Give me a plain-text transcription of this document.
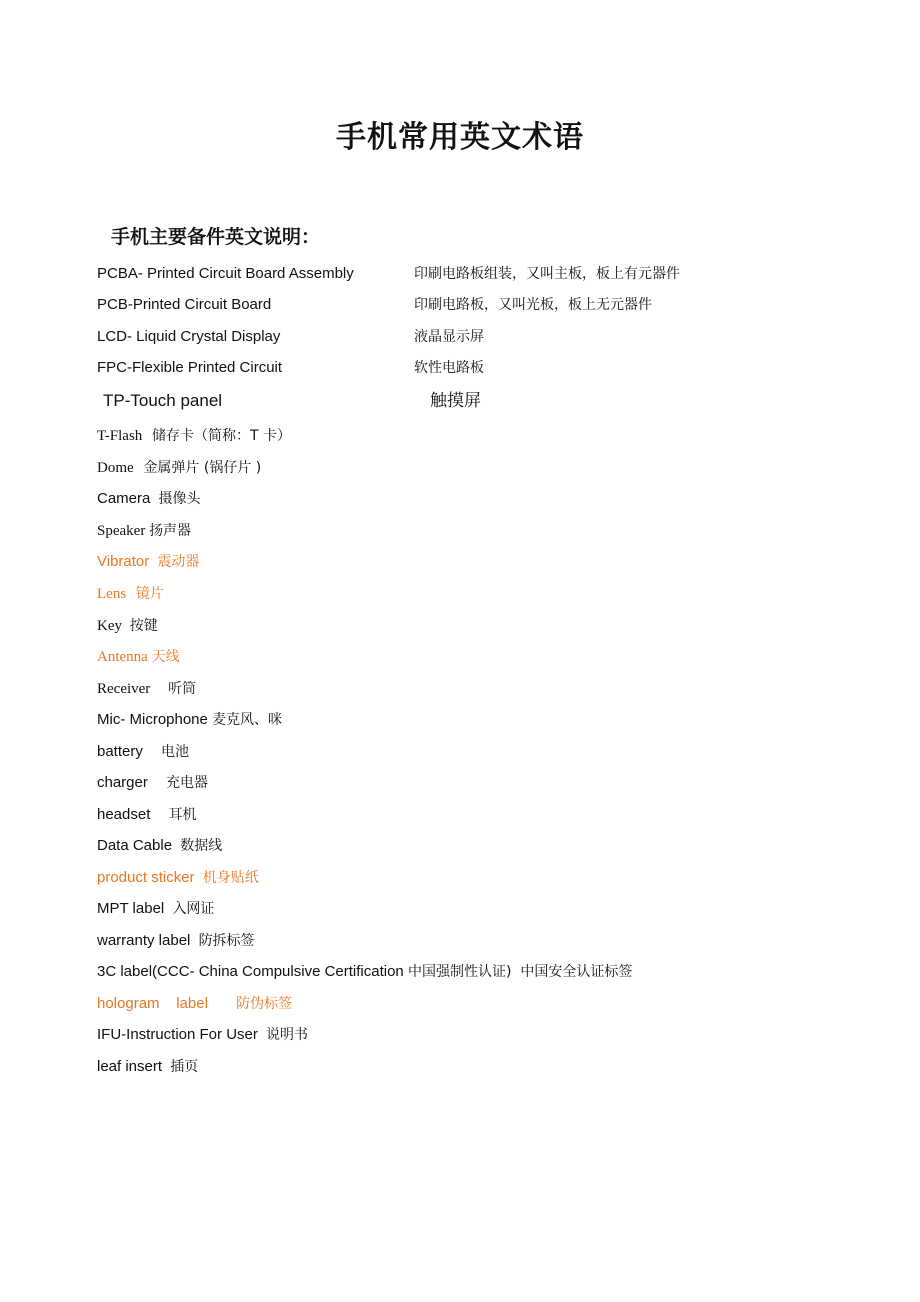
手机常用英文术语
手机主要备件英文说明：
PCBA- Printed Circuit Board Assembly	印刷电路板组装，又叫主板，板上有元器件
PCB-Printed Circuit Board	印刷电路板，又叫光板，板上无元器件
LCD- Liquid Crystal Display	液晶显示屏
FPC-Flexible Printed Circuit	软性电路板
TP-Touch panel	触摸屏
T-Flash 储存卡（简称：T 卡）
Dome 金属弹片 (锅仔片 )
Camera 摄像头
Speaker 扬声器
Vibrator 震动器
Lens 镜片
Key 按键
Antenna 天线
Receiver 听筒
Mic- Microphone 麦克风、咪
battery 电池
charger 充电器
headset 耳机
Data Cable 数据线
product sticker 机身贴纸
MPT label 入网证
warranty label 防拆标签
3C label(CCC- China Compulsive Certification 中国强制性认证)  中国安全认证标签
hologram    label 防伪标签
IFU-Instruction For User 说明书
leaf insert 插页
